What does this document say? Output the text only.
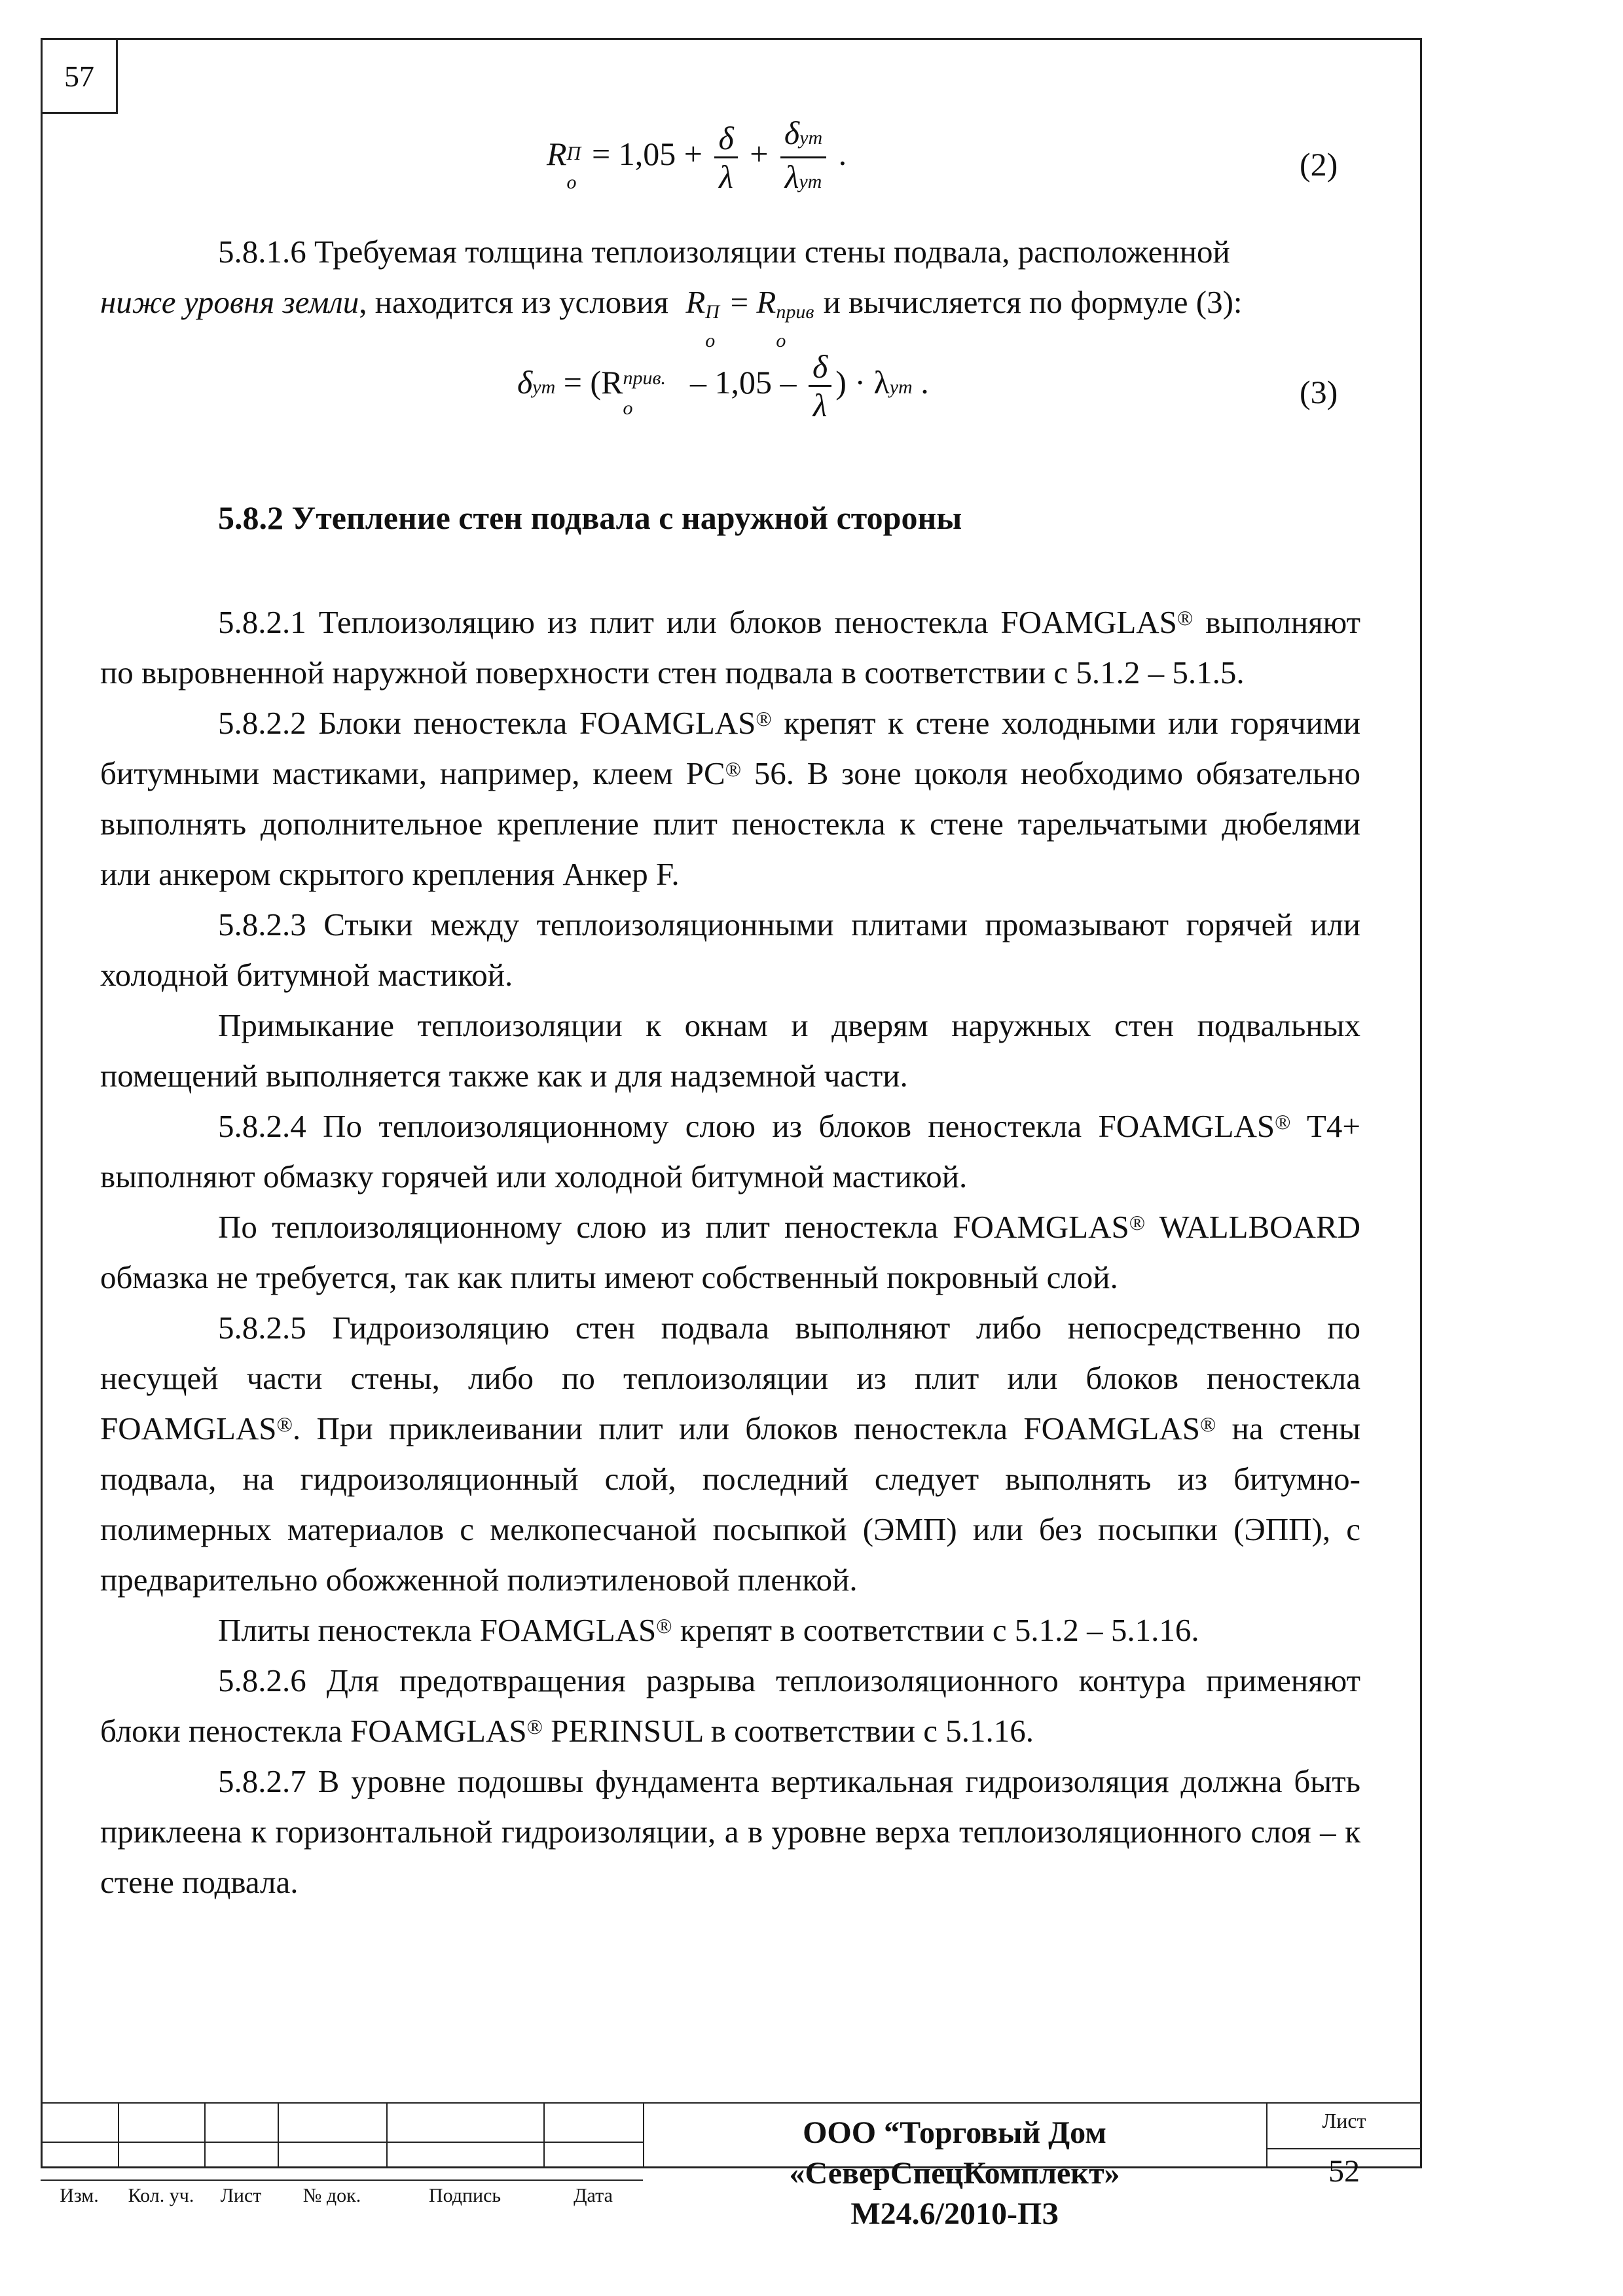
57
R П
o
= $1,05 + \frac{\delta}{\lambda} + \frac{\text{δут}}{\text{λут}}$ .	(2)

5.8.1.6 Требуемая толщина теплоизоляции стены подвала, расположенной

ниже уровня земли, находится из условия R П
o
= R прив
o
и вычисляется по формуле (3):

δут = (R прив.
o
– $1,05 - \frac{\delta}{\lambda}$ ) · λут .	(3)
5.8.2 Утепление стен подвала с наружной стороны

5.8.2.1 Теплоизоляцию из плит или блоков пеностекла FOAMGLAS® выполняют по выровненной наружной поверхности стен подвала в соответствии с 5.1.2 – 5.1.5.

5.8.2.2 Блоки пеностекла FOAMGLAS® крепят к стене холодными или горячими битумными мастиками, например, клеем PC® 56. В зоне цоколя необходимо обязательно выполнять дополнительное крепление плит пеностекла к стене тарельчатыми дюбелями или анкером скрытого крепления Анкер F.

5.8.2.3 Стыки между теплоизоляционными плитами промазывают горячей или холодной битумной мастикой.

Примыкание теплоизоляции к окнам и дверям наружных стен подвальных помещений выполняется также как и для надземной части.

5.8.2.4 По теплоизоляционному слою из блоков пеностекла FOAMGLAS® T4+ выполняют обмазку горячей или холодной битумной мастикой.

По теплоизоляционному слою из плит пеностекла FOAMGLAS® WALLBOARD обмазка не требуется, так как плиты имеют собственный покровный слой.

5.8.2.5 Гидроизоляцию стен подвала выполняют либо непосредственно по несущей части стены, либо по теплоизоляции из плит или блоков пеностекла FOAMGLAS®. При приклеивании плит или блоков пеностекла FOAMGLAS® на стены подвала, на гидроизоляционный слой, последний следует выполнять из битумно-полимерных материалов с мелкопесчаной посыпкой (ЭМП) или без посыпки (ЭПП), с предварительно обожженной полиэтиленовой пленкой.

Плиты пеностекла FOAMGLAS® крепят в соответствии с 5.1.2 – 5.1.16.

5.8.2.6 Для предотвращения разрыва теплоизоляционного контура применяют блоки пеностекла FOAMGLAS® PERINSUL в соответствии с 5.1.16.

5.8.2.7 В уровне подошвы фундамента вертикальная гидроизоляция должна быть приклеена к горизонтальной гидроизоляции, а в уровне верха теплоизоляционного слоя – к стене подвала.

Изм.	Кол. уч.	Лист	№ док.	Подпись	Дата
ООО “Торговый Дом
«СеверСпецКомплект»
М24.6/2010-ПЗ
Лист
52
